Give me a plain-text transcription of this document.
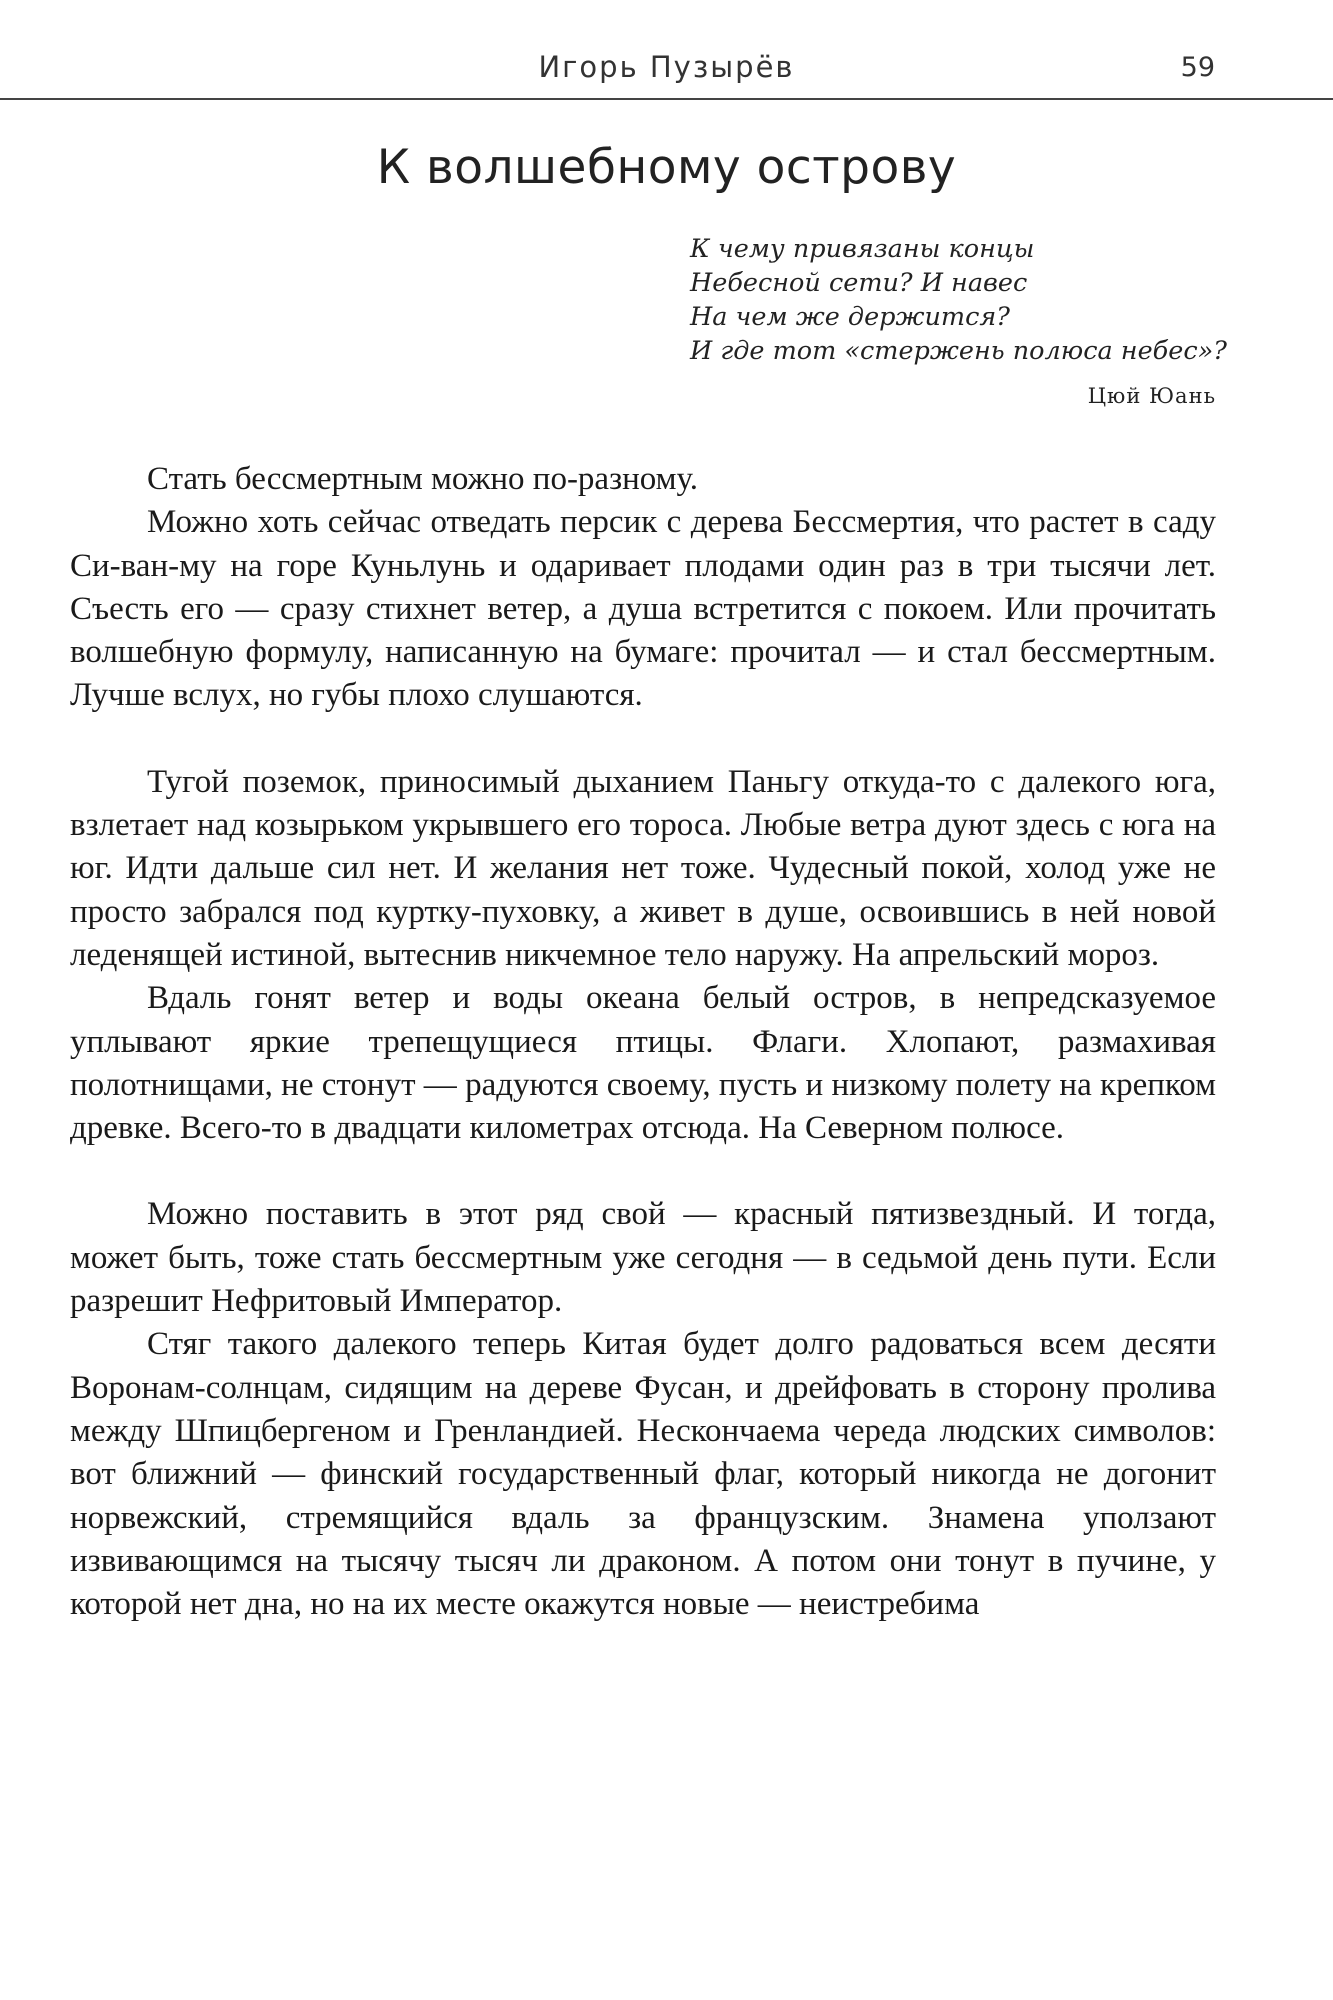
Игорь Пузырёв	59
К волшебному острову
К чему привязаны концы
Небесной сети? И навес
На чем же держится?
И где тот «стержень полюса небес»?
Цюй Юань

Стать бессмертным можно по-разному.

Можно хоть сейчас отведать персик с дерева Бессмертия, что растет в саду Си-ван-му на горе Куньлунь и одаривает плодами один раз в три тысячи лет. Съесть его — сразу стихнет ветер, а душа встретится с покоем. Или прочитать волшебную формулу, написанную на бумаге: прочитал — и стал бессмертным. Лучше вслух, но губы плохо слушаются.

Тугой поземок, приносимый дыханием Паньгу откуда-то с далекого юга, взлетает над козырьком укрывшего его тороса. Любые ветра дуют здесь с юга на юг. Идти дальше сил нет. И желания нет тоже. Чудесный покой, холод уже не просто забрался под куртку-пуховку, а живет в душе, освоившись в ней новой леденящей истиной, вытеснив никчемное тело наружу. На апрельский мороз.

Вдаль гонят ветер и воды океана белый остров, в непредсказуемое уплывают яркие трепещущиеся птицы. Флаги. Хлопают, размахивая полотнищами, не стонут — радуются своему, пусть и низкому полету на крепком древке. Всего-то в двадцати километрах отсюда. На Северном полюсе.

Можно поставить в этот ряд свой — красный пятизвездный. И тогда, может быть, тоже стать бессмертным уже сегодня — в седьмой день пути. Если разрешит Нефритовый Император.

Стяг такого далекого теперь Китая будет долго радоваться всем десяти Воронам-солнцам, сидящим на дереве Фусан, и дрейфовать в сторону пролива между Шпицбергеном и Гренландией. Нескончаема череда людских символов: вот ближний — финский государственный флаг, который никогда не догонит норвежский, стремящийся вдаль за французским. Знамена уползают извивающимся на тысячу тысяч ли драконом. А потом они тонут в пучине, у которой нет дна, но на их месте окажутся новые — неистребима
